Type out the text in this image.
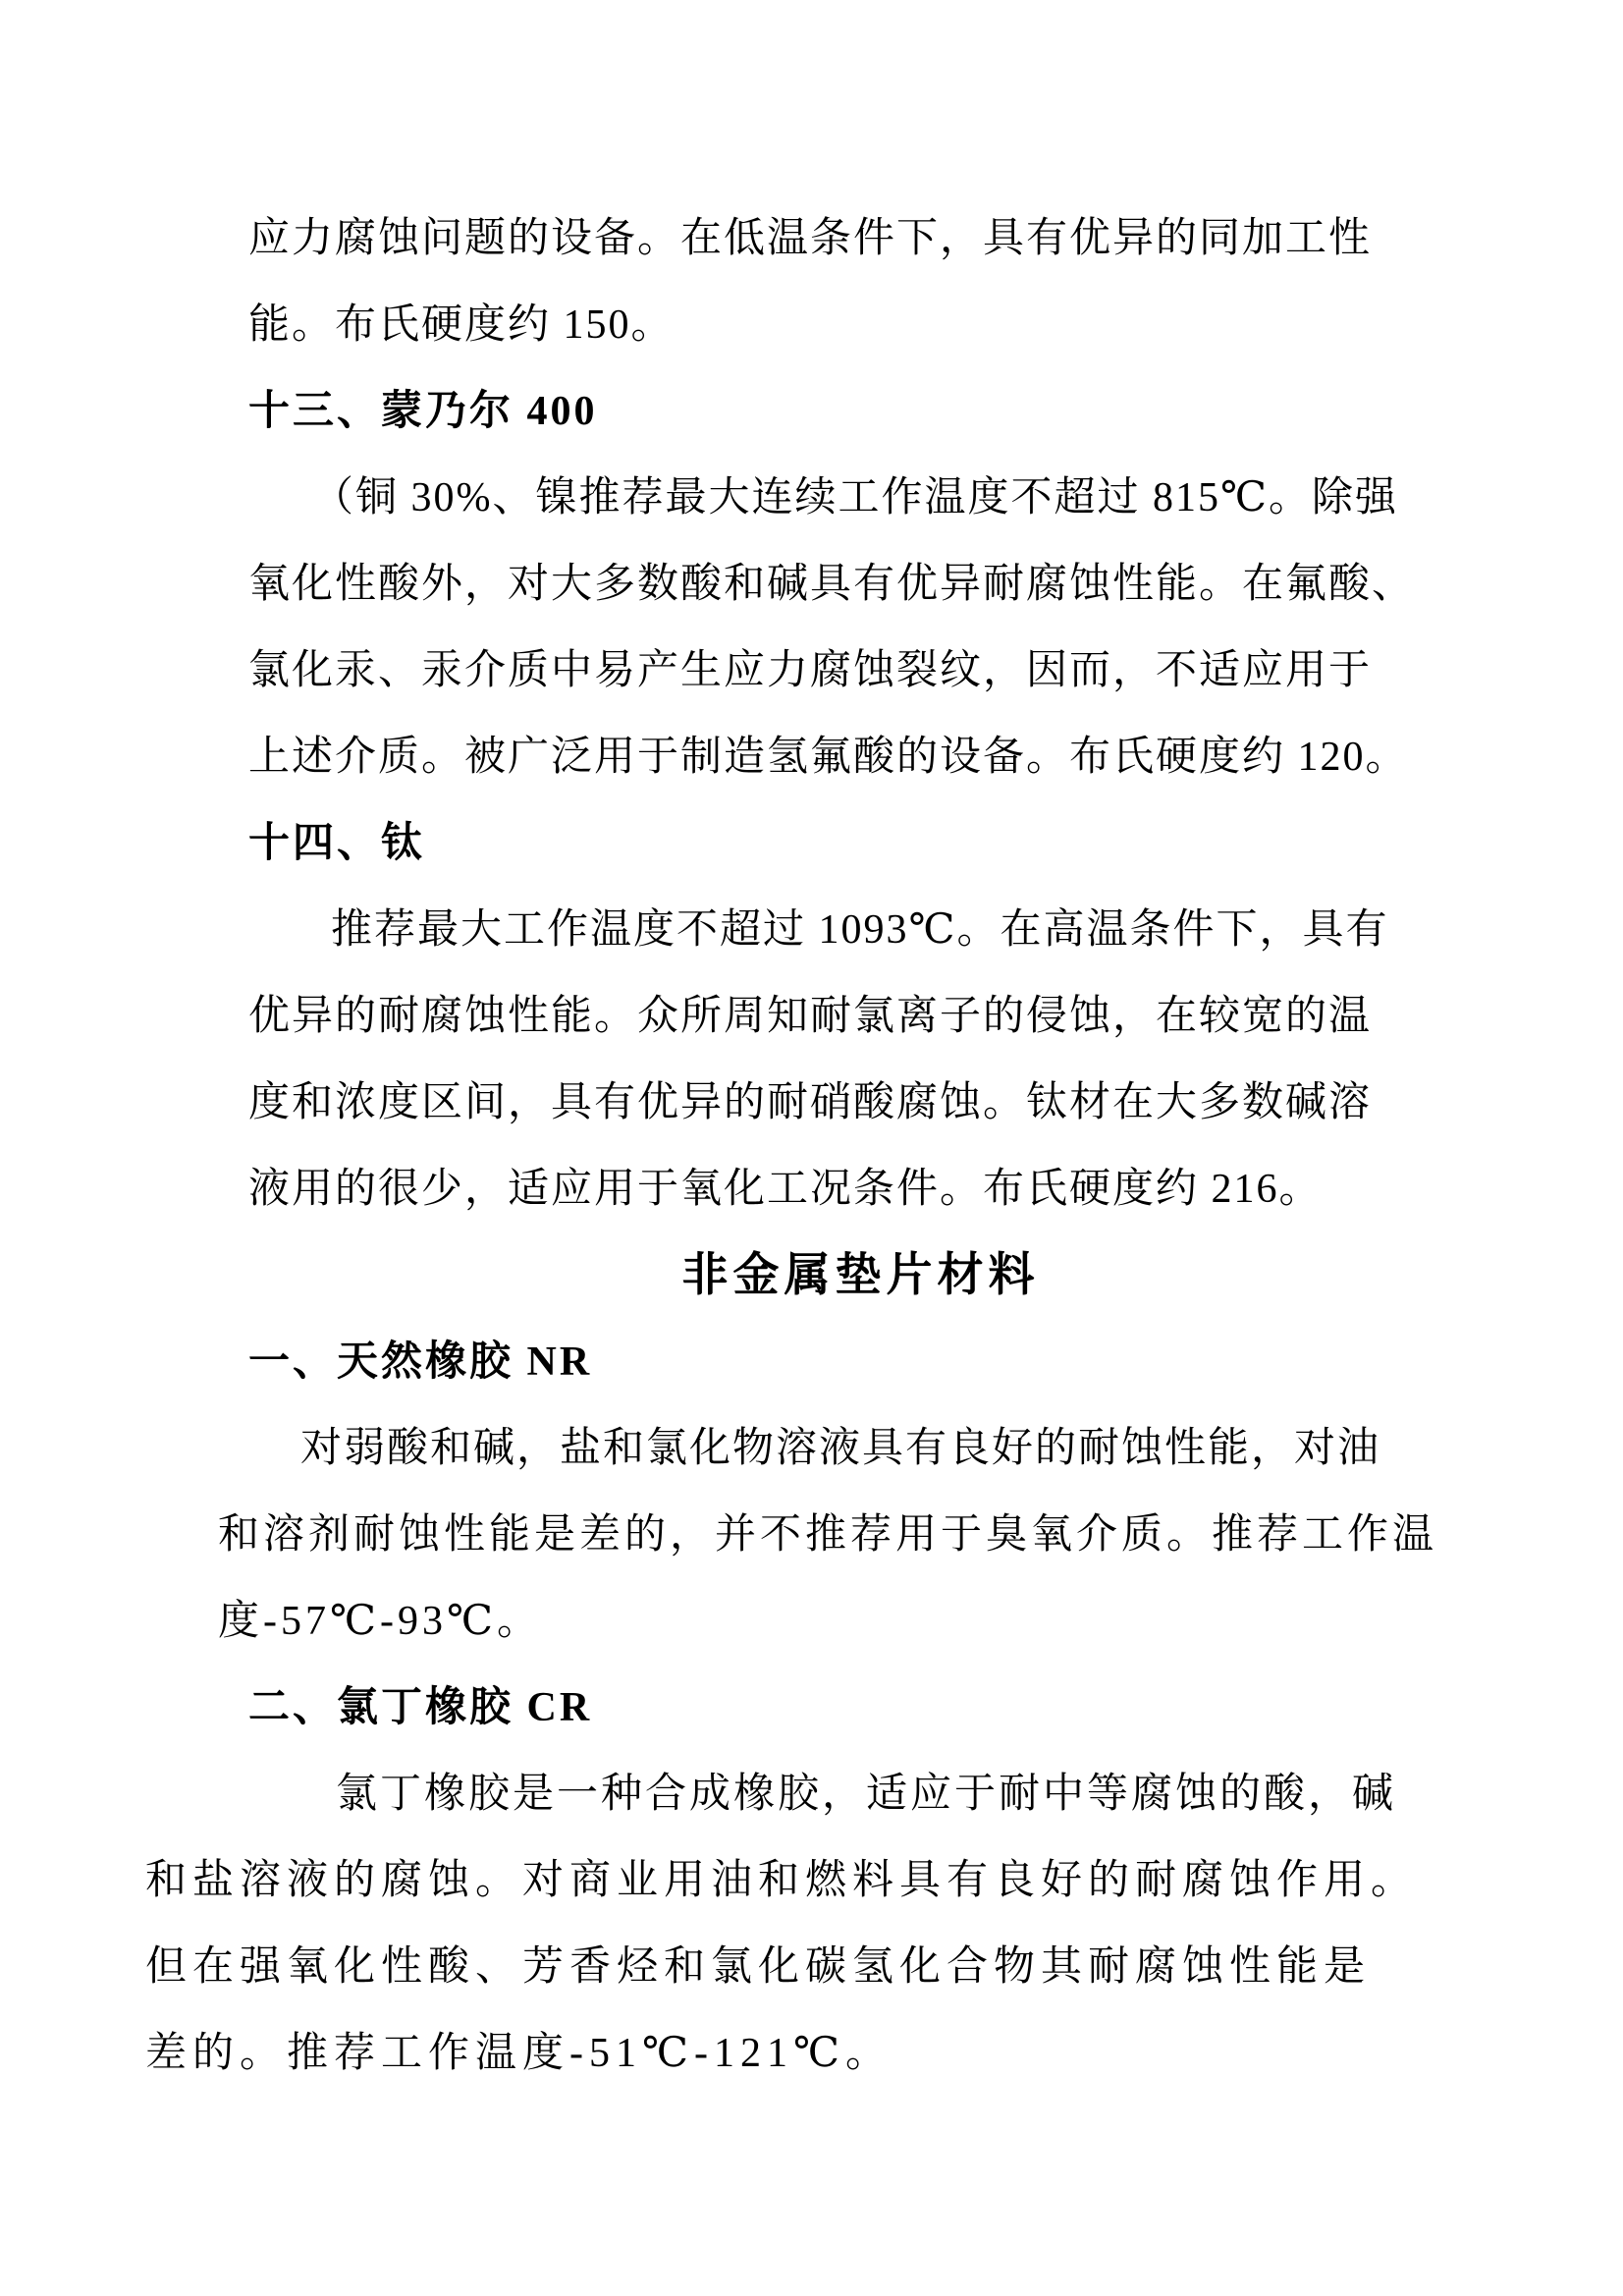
应力腐蚀问题的设备。在低温条件下，具有优异的同加工性
能。布氏硬度约 150。
十三、蒙乃尔 400
（铜 30%、镍推荐最大连续工作温度不超过 815℃。除强
氧化性酸外，对大多数酸和碱具有优异耐腐蚀性能。在氟酸、
氯化汞、汞介质中易产生应力腐蚀裂纹，因而，不适应用于
上述介质。被广泛用于制造氢氟酸的设备。布氏硬度约 120。
十四、钛
推荐最大工作温度不超过 1093℃。在高温条件下，具有
优异的耐腐蚀性能。众所周知耐氯离子的侵蚀，在较宽的温
度和浓度区间，具有优异的耐硝酸腐蚀。钛材在大多数碱溶
液用的很少，适应用于氧化工况条件。布氏硬度约 216。
非金属垫片材料
一、天然橡胶 NR
对弱酸和碱，盐和氯化物溶液具有良好的耐蚀性能，对油
和溶剂耐蚀性能是差的，并不推荐用于臭氧介质。推荐工作温
度-57℃-93℃。
二、氯丁橡胶 CR
氯丁橡胶是一种合成橡胶，适应于耐中等腐蚀的酸，碱
和盐溶液的腐蚀。对商业用油和燃料具有良好的耐腐蚀作用。
但在强氧化性酸、芳香烃和氯化碳氢化合物其耐腐蚀性能是
差的。推荐工作温度-51℃-121℃。
